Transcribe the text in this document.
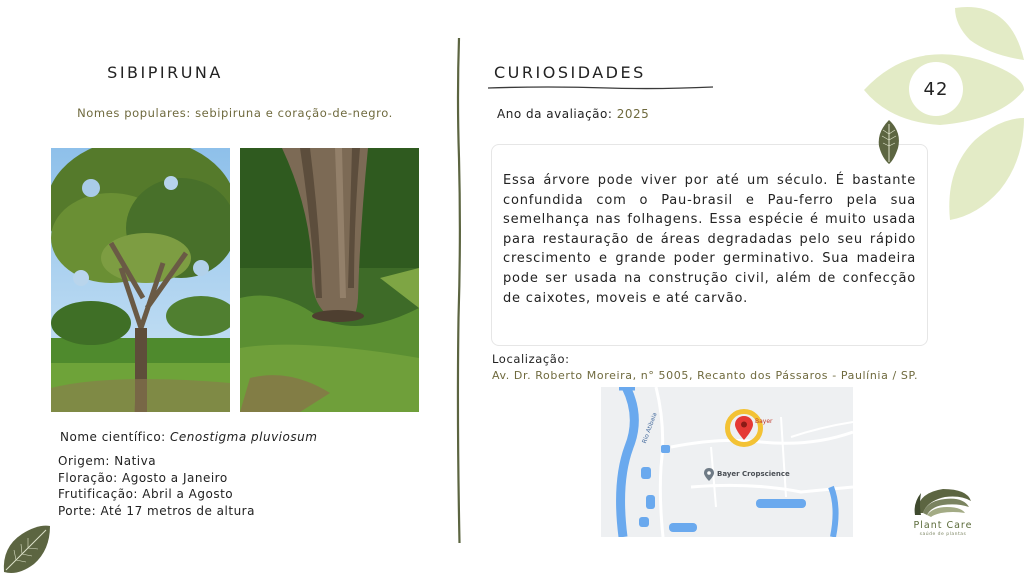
SIBIPIRUNA
Nomes populares: sebipiruna e coração-de-negro.
Nome científico: Cenostigma pluviosum
Origem: Nativa
Floração: Agosto a Janeiro
Frutificação: Abril a Agosto
Porte: Até 17 metros de altura
CURIOSIDADES
Ano da avaliação: 2025

Essa árvore pode viver por até um século. É bastante confundida com o Pau-brasil e Pau-ferro pela sua semelhança nas folhagens. Essa espécie é muito usada para restauração de áreas degradadas pelo seu rápido crescimento e grande poder germinativo. Sua madeira pode ser usada na construção civil, além de confecção de caixotes, moveis e até carvão.

Localização:
Av. Dr. Roberto Moreira, n° 5005, Recanto dos Pássaros - Paulínia / SP.
Bayer
Bayer Cropscience
Rio Atibaia
42
Plant Care
saúde de plantas
